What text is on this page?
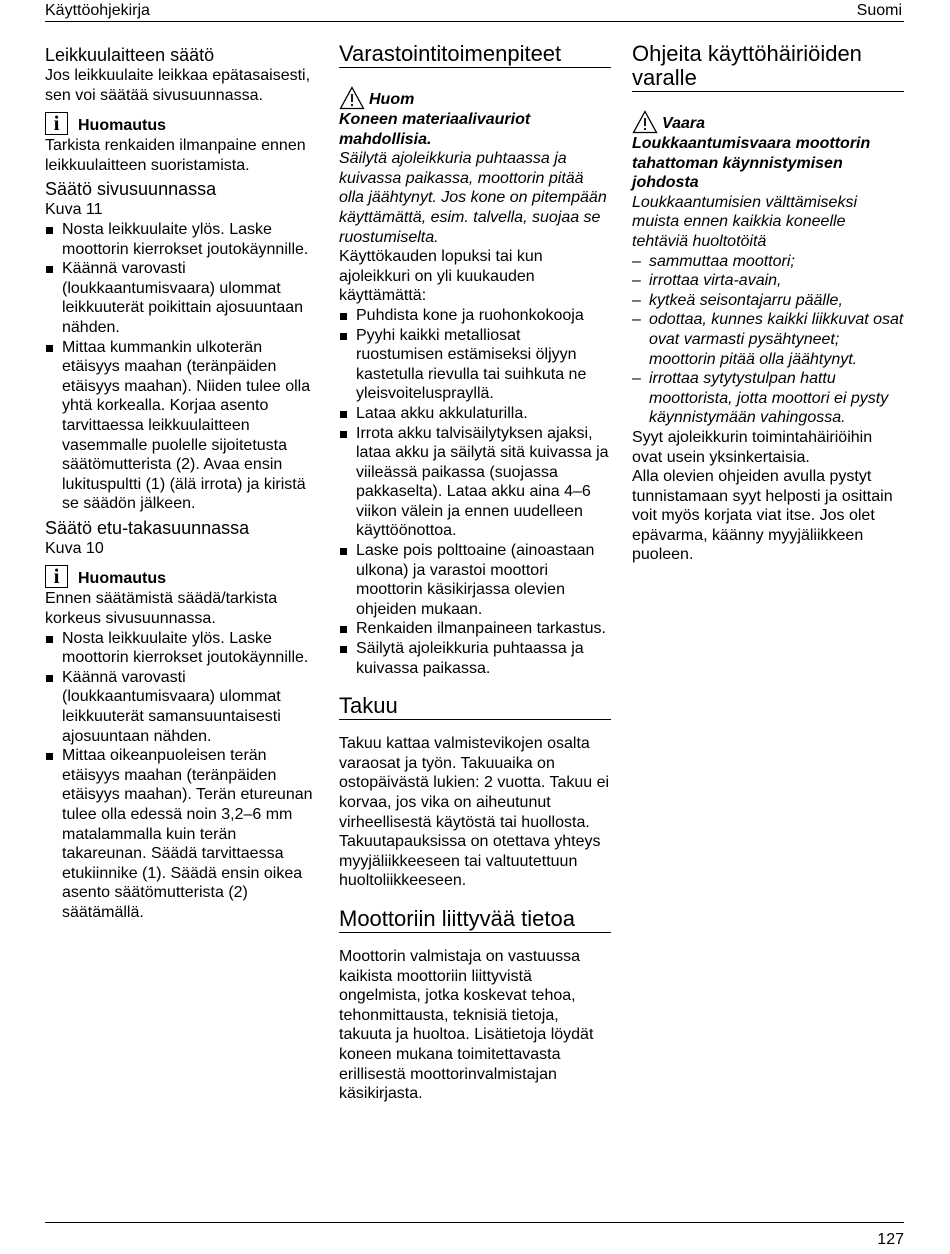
Käyttöohjekirja	Suomi
Leikkuulaitteen säätö

Jos leikkuulaite leikkaa epätasaisesti, sen voi säätää sivusuunnassa.

i	Huomautus

Tarkista renkaiden ilmanpaine ennen leikkuulaitteen suoristamista.

Säätö sivusuunnassa

Kuva 11

Nosta leikkuulaite ylös. Laske moottorin kierrokset joutokäynnille.
Käännä varovasti (loukkaantumisvaara) ulommat leikkuuterät poikittain ajosuuntaan nähden.
Mittaa kummankin ulkoterän etäisyys maahan (teränpäiden etäisyys maahan). Niiden tulee olla yhtä korkealla. Korjaa asento tarvittaessa leikkuulaitteen vasemmalle puolelle sijoitetusta säätömutterista (2). Avaa ensin lukituspultti (1) (älä irrota) ja kiristä se säädön jälkeen.
Säätö etu-takasuunnassa

Kuva 10

i	Huomautus

Ennen säätämistä säädä/tarkista korkeus sivusuunnassa.

Nosta leikkuulaite ylös. Laske moottorin kierrokset joutokäynnille.
Käännä varovasti (loukkaantumisvaara) ulommat leikkuuterät samansuuntaisesti ajosuuntaan nähden.
Mittaa oikeanpuoleisen terän etäisyys maahan (teränpäiden etäisyys maahan). Terän etureunan tulee olla edessä noin 3,2–6 mm matalammalla kuin terän takareunan. Säädä tarvittaessa etukiinnike (1). Säädä ensin oikea asento säätömutterista (2) säätämällä.
Varastointitoimenpiteet
Huom

Koneen materiaalivauriot mahdollisia.

Säilytä ajoleikkuria puhtaassa ja kuivassa paikassa, moottorin pitää olla jäähtynyt. Jos kone on pitempään käyttämättä, esim. talvella, suojaa se ruostumiselta.

Käyttökauden lopuksi tai kun ajoleikkuri on yli kuukauden käyttämättä:

Puhdista kone ja ruohonkokooja
Pyyhi kaikki metalliosat ruostumisen estämiseksi öljyyn kastetulla rievulla tai suihkuta ne yleisvoitelusprayllä.
Lataa akku akkulaturilla.
Irrota akku talvisäilytyksen ajaksi, lataa akku ja säilytä sitä kuivassa ja viileässä paikassa (suojassa pakkaselta). Lataa akku aina 4–6 viikon välein ja ennen uudelleen käyttöönottoa.
Laske pois polttoaine (ainoastaan ulkona) ja varastoi moottori moottorin käsikirjassa olevien ohjeiden mukaan.
Renkaiden ilmanpaineen tarkastus.
Säilytä ajoleikkuria puhtaassa ja kuivassa paikassa.
Takuu

Takuu kattaa valmistevikojen osalta varaosat ja työn. Takuuaika on ostopäivästä lukien: 2 vuotta. Takuu ei korvaa, jos vika on aiheutunut virheellisestä käytöstä tai huollosta. Takuutapauksissa on otettava yhteys myyjäliikkeeseen tai valtuutettuun huoltoliikkeeseen.

Moottoriin liittyvää tietoa

Moottorin valmistaja on vastuussa kaikista moottoriin liittyvistä ongelmista, jotka koskevat tehoa, tehonmittausta, teknisiä tietoja, takuuta ja huoltoa. Lisätietoja löydät koneen mukana toimitettavasta erillisestä moottorinvalmistajan käsikirjasta.

Ohjeita käyttöhäiriöiden varalle
Vaara

Loukkaantumisvaara moottorin tahattoman käynnistymisen johdosta

Loukkaantumisien välttämiseksi muista ennen kaikkia koneelle tehtäviä huoltotöitä

– sammuttaa moottori;
– irrottaa virta-avain,
– kytkeä seisontajarru päälle,
– odottaa, kunnes kaikki liikkuvat osat ovat varmasti pysähtyneet; moottorin pitää olla jäähtynyt.
– irrottaa sytytystulpan hattu moottorista, jotta moottori ei pysty käynnistymään vahingossa.

Syyt ajoleikkurin toimintahäiriöihin ovat usein yksinkertaisia.

Alla olevien ohjeiden avulla pystyt tunnistamaan syyt helposti ja osittain voit myös korjata viat itse. Jos olet epävarma, käänny myyjäliikkeen puoleen.

127
